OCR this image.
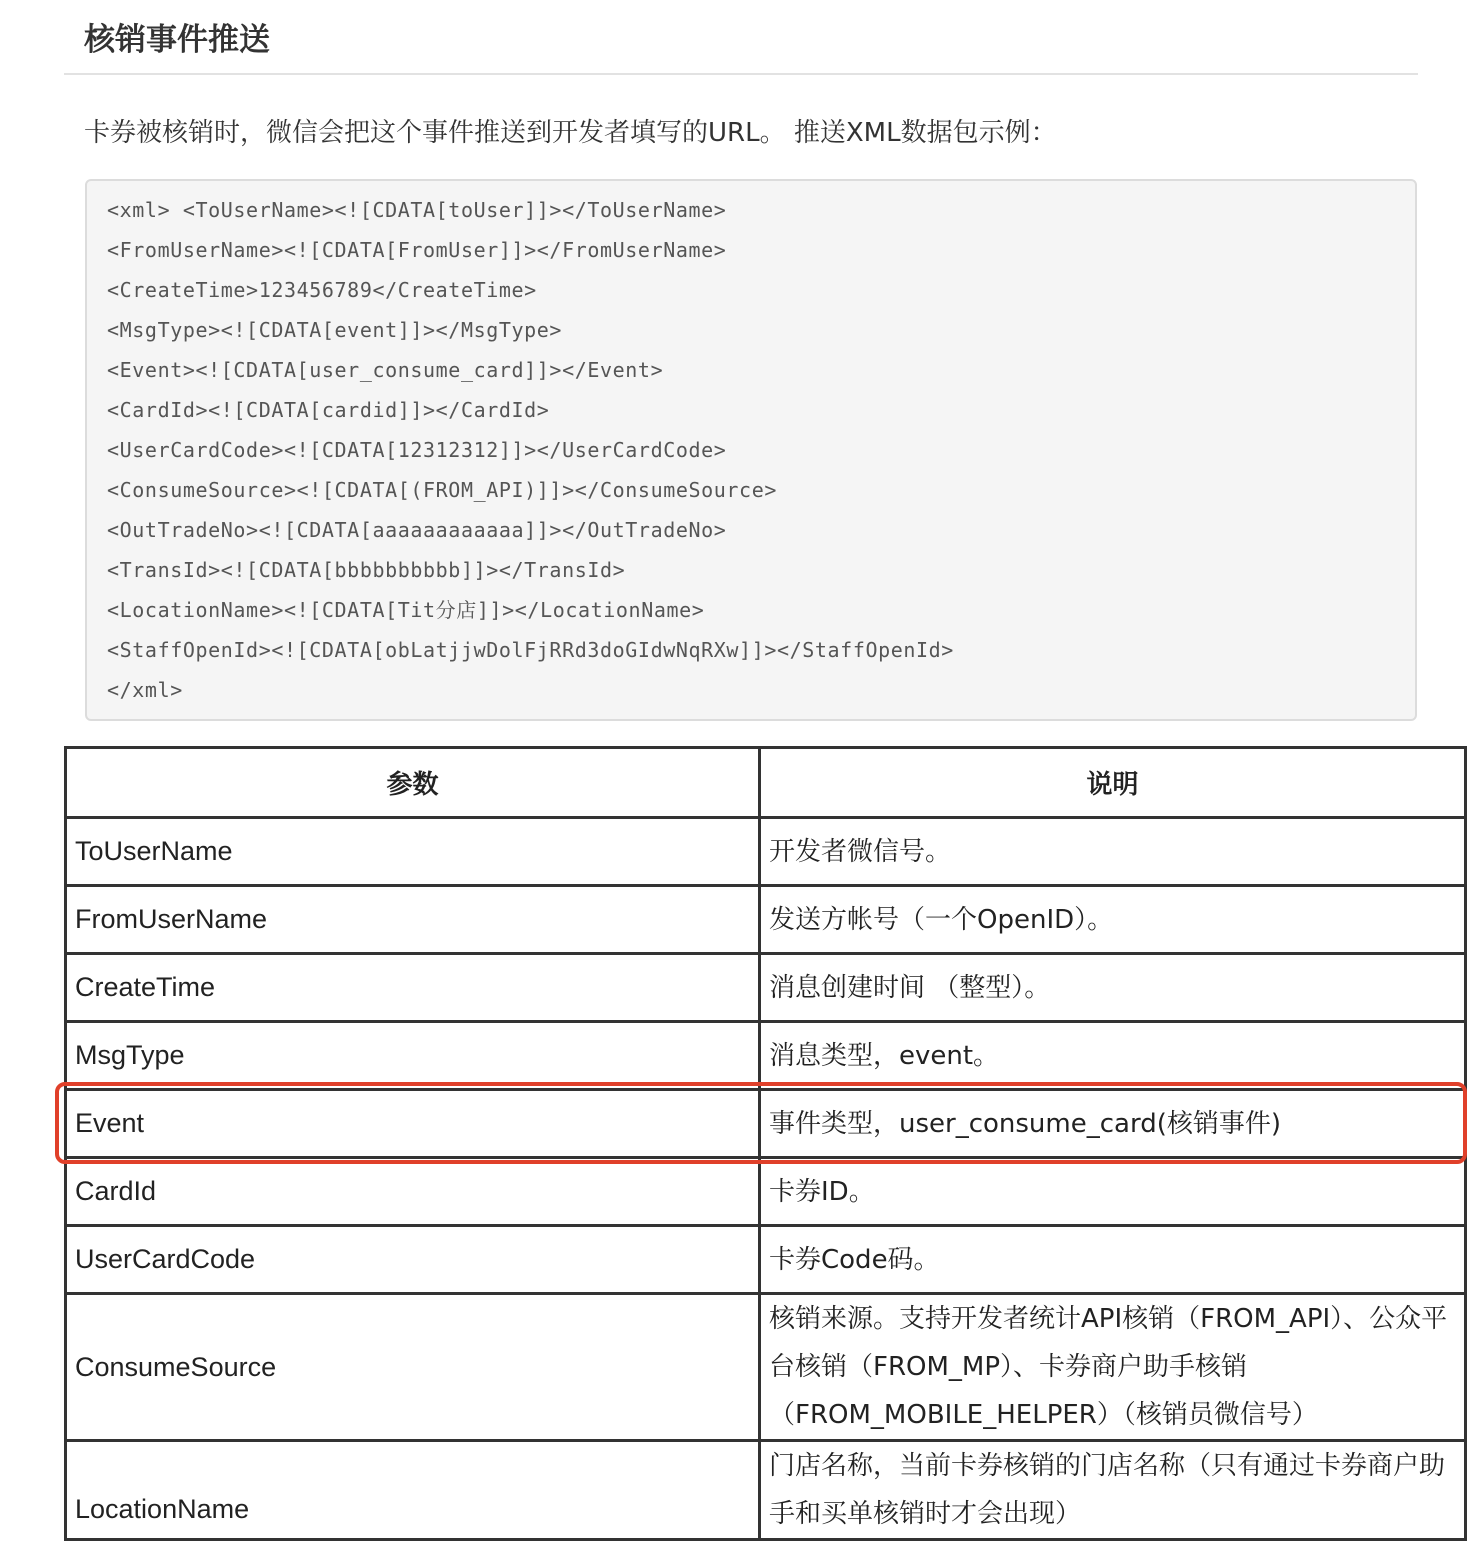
核销事件推送
卡券被核销时，微信会把这个事件推送到开发者填写的URL。 推送XML数据包示例：
<xml> <ToUserName><![CDATA[toUser]]></ToUserName>
<FromUserName><![CDATA[FromUser]]></FromUserName>
<CreateTime>123456789</CreateTime>
<MsgType><![CDATA[event]]></MsgType>
<Event><![CDATA[user_consume_card]]></Event>
<CardId><![CDATA[cardid]]></CardId>
<UserCardCode><![CDATA[12312312]]></UserCardCode>
<ConsumeSource><![CDATA[(FROM_API)]]></ConsumeSource>
<OutTradeNo><![CDATA[aaaaaaaaaaaa]]></OutTradeNo>
<TransId><![CDATA[bbbbbbbbbb]]></TransId>
<LocationName><![CDATA[Tit分店]]></LocationName>
<StaffOpenId><![CDATA[obLatjjwDolFjRRd3doGIdwNqRXw]]></StaffOpenId>
</xml>
参数	说明
ToUserName	开发者微信号。
FromUserName	发送方帐号（一个OpenID）。
CreateTime	消息创建时间 （整型）。
MsgType	消息类型，event。
Event	事件类型，user_consume_card(核销事件)
CardId	卡券ID。
UserCardCode	卡券Code码。
ConsumeSource	核销来源。支持开发者统计API核销（FROM_API）、公众平台核销（FROM_MP）、卡券商户助手核销（FROM_MOBILE_HELPER）（核销员微信号）
LocationName	门店名称，当前卡券核销的门店名称（只有通过卡券商户助手和买单核销时才会出现）
